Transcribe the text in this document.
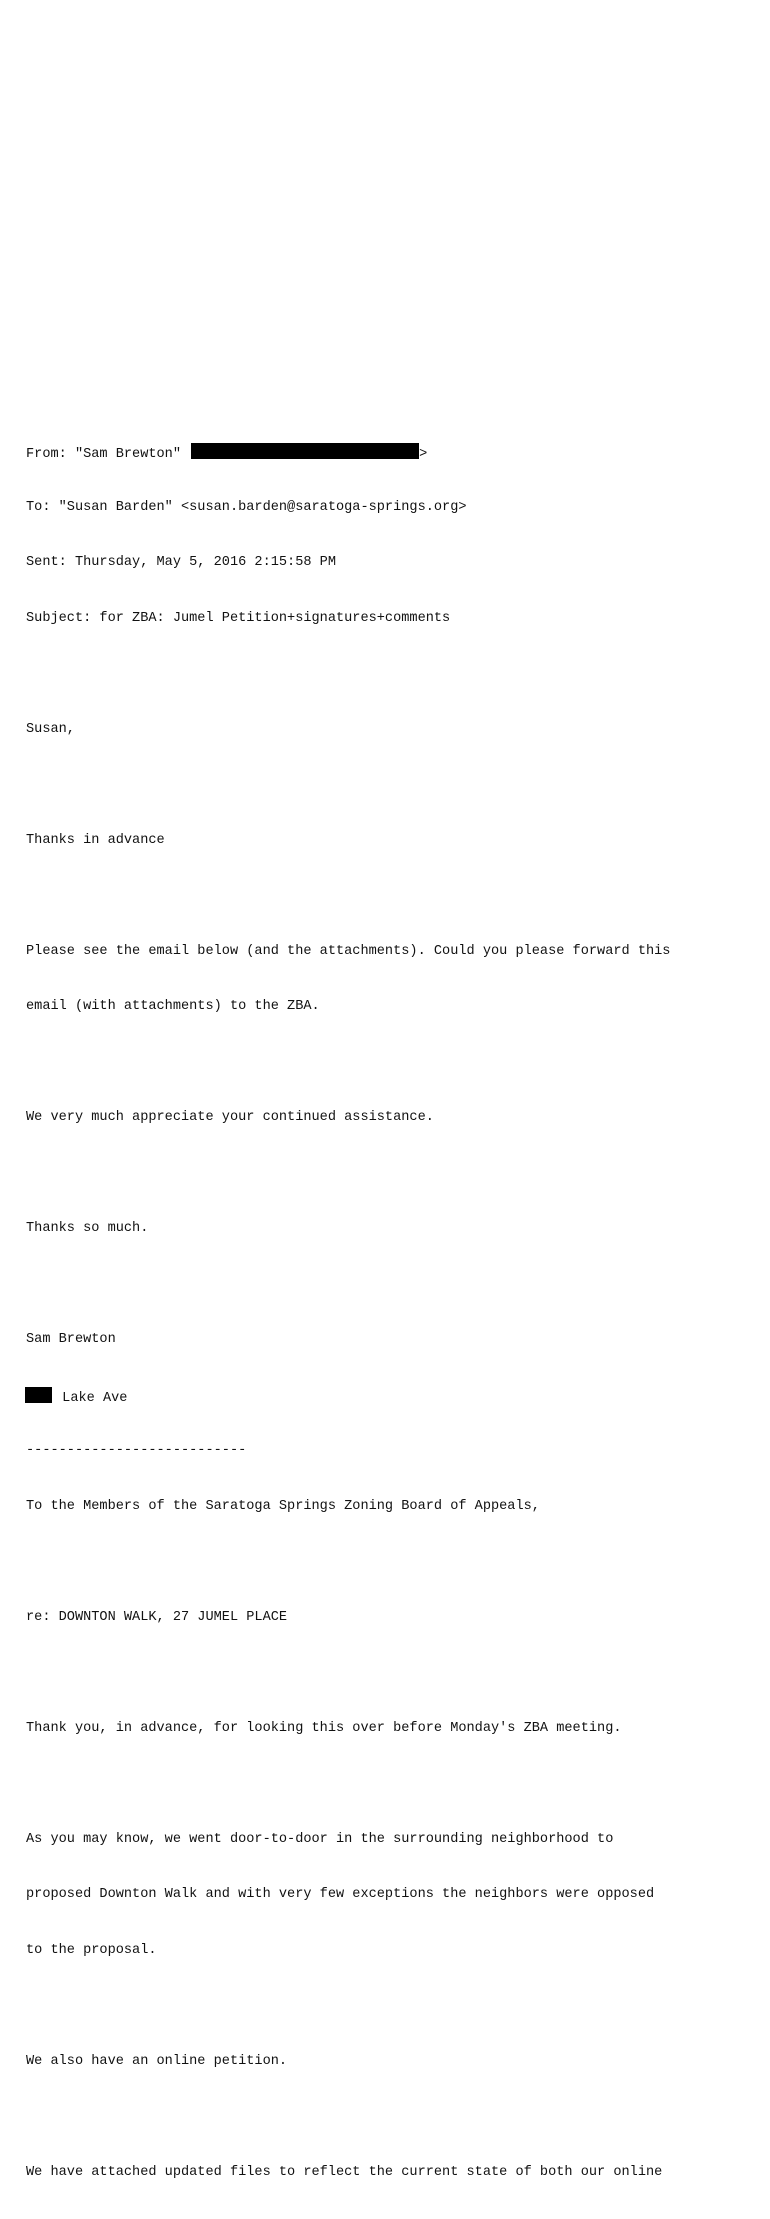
From: "Sam Brewton"	>

To: "Susan Barden" <susan.barden@saratoga-springs.org>

Sent: Thursday, May 5, 2016 2:15:58 PM

Subject: for ZBA: Jumel Petition+signatures+comments

Susan,

Thanks in advance

Please see the email below (and the attachments). Could you please forward this

email (with attachments) to the ZBA.

We very much appreciate your continued assistance.

Thanks so much.

Sam Brewton

Lake Ave

---------------------------

To the Members of the Saratoga Springs Zoning Board of Appeals,

re: DOWNTON WALK, 27 JUMEL PLACE

Thank you, in advance, for looking this over before Monday's ZBA meeting.

As you may know, we went door-to-door in the surrounding neighborhood to

proposed Downton Walk and with very few exceptions the neighbors were opposed

to the proposal.

We also have an online petition.

We have attached updated files to reflect the current state of both our online
